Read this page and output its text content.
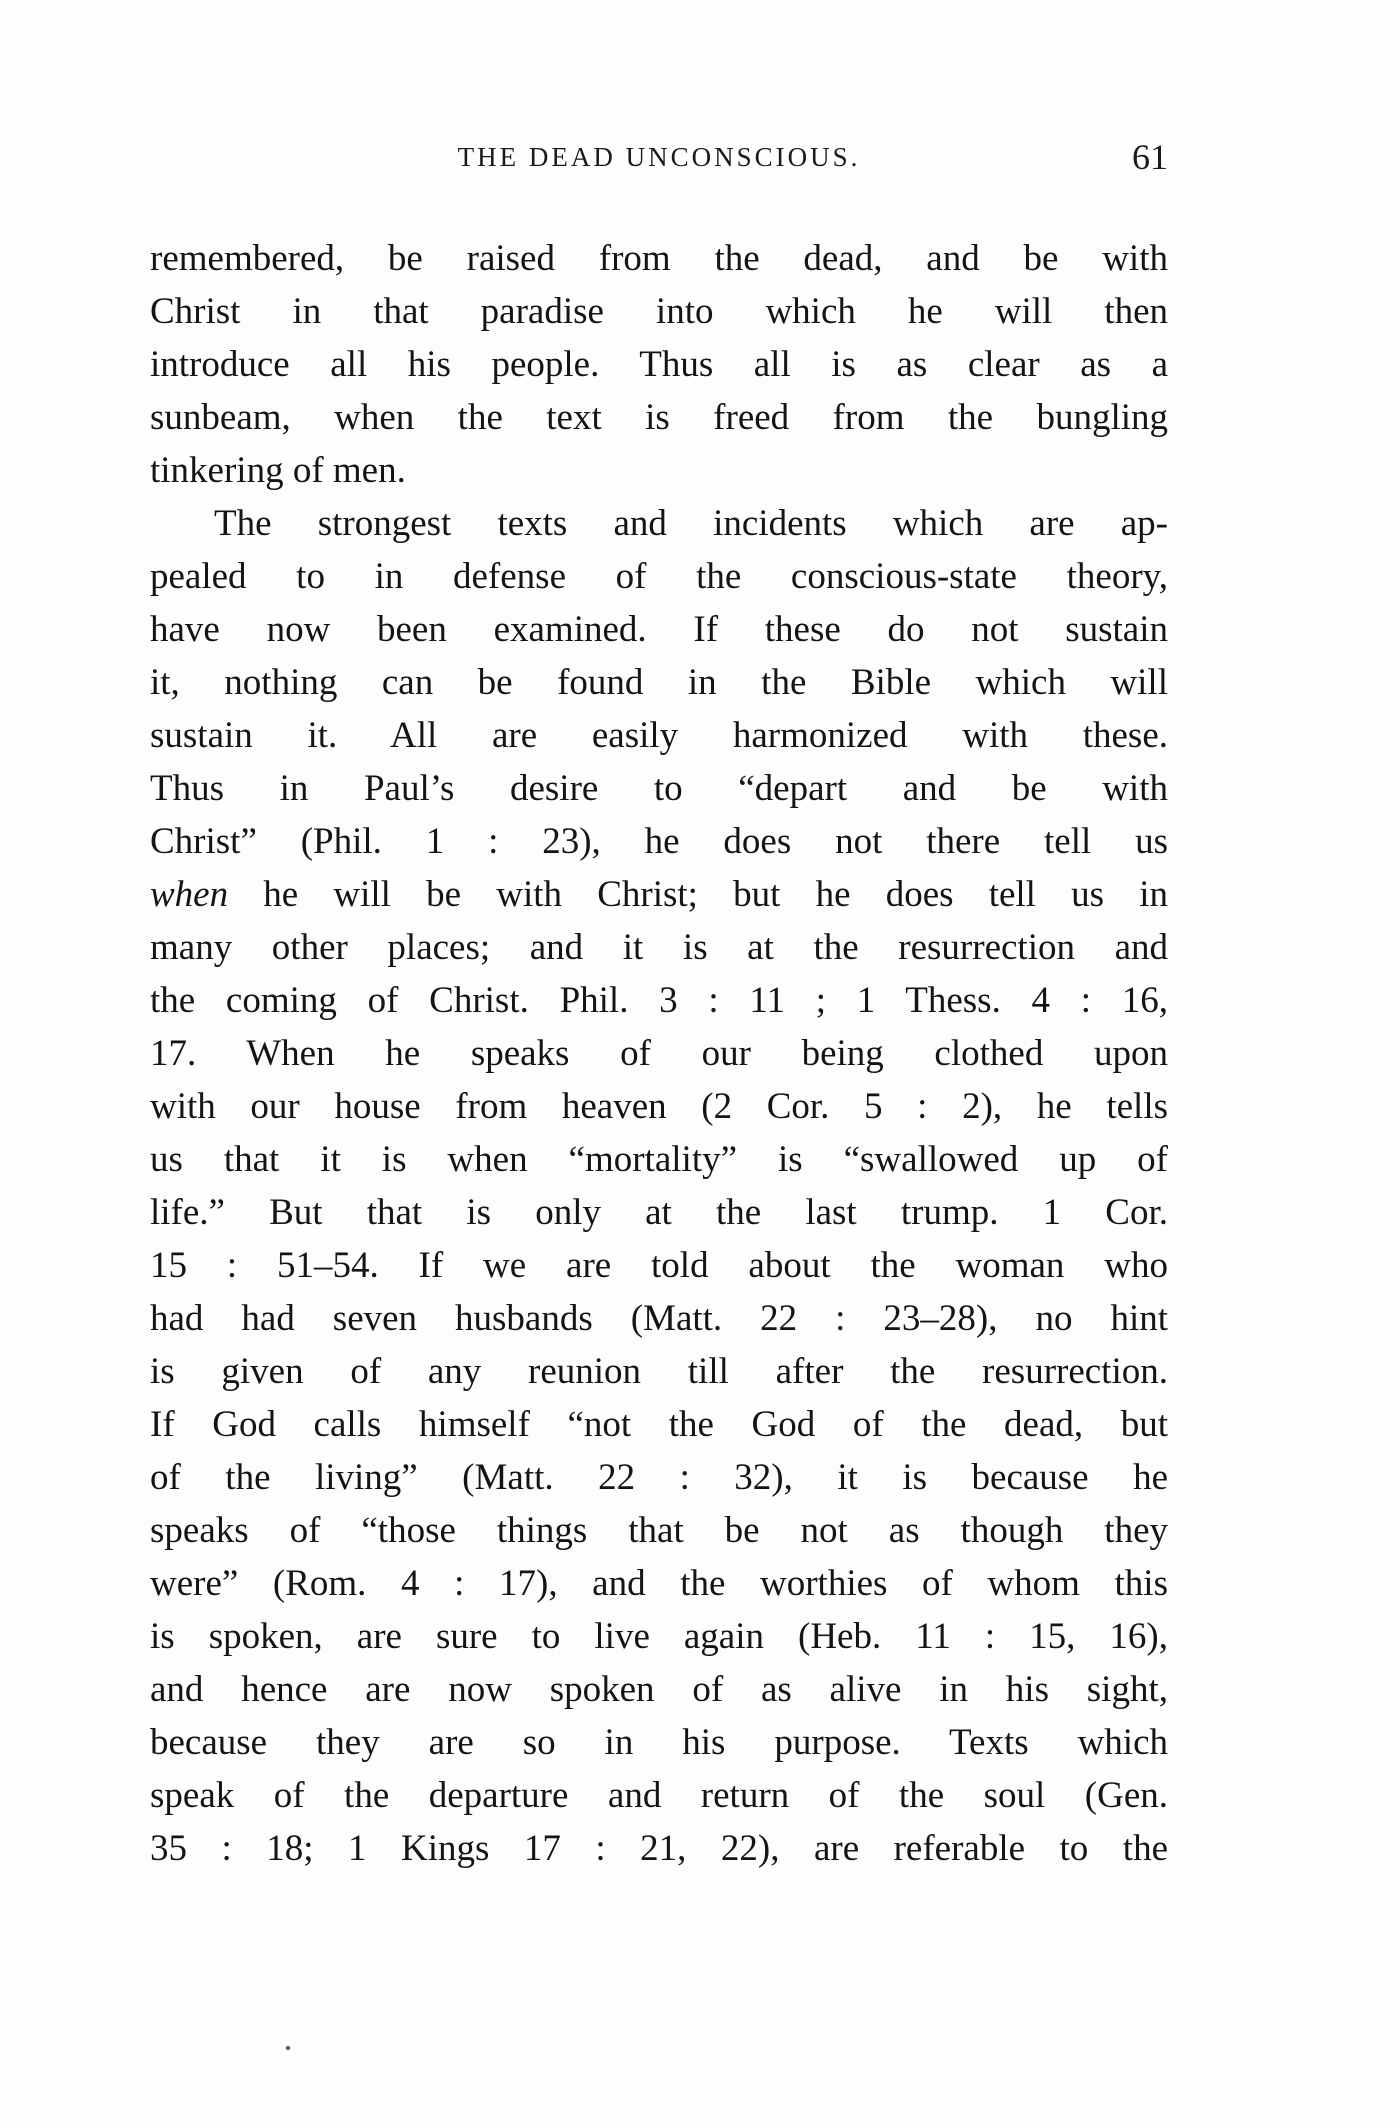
THE DEAD UNCONSCIOUS.	61
remembered, be raised from the dead, and be with
Christ in that paradise into which he will then
introduce all his people. Thus all is as clear as a
sunbeam, when the text is freed from the bungling
tinkering of men.
The strongest texts and incidents which are ap-
pealed to in defense of the conscious-state theory,
have now been examined. If these do not sustain
it, nothing can be found in the Bible which will
sustain it. All are easily harmonized with these.
Thus in Paul’s desire to “depart and be with
Christ” (Phil. 1 : 23), he does not there tell us
when he will be with Christ; but he does tell us in
many other places; and it is at the resurrection and
the coming of Christ. Phil. 3 : 11 ; 1 Thess. 4 : 16,
17. When he speaks of our being clothed upon
with our house from heaven (2 Cor. 5 : 2), he tells
us that it is when “mortality” is “swallowed up of
life.” But that is only at the last trump. 1 Cor.
15 : 51–54. If we are told about the woman who
had had seven husbands (Matt. 22 : 23–28), no hint
is given of any reunion till after the resurrection.
If God calls himself “not the God of the dead, but
of the living” (Matt. 22 : 32), it is because he
speaks of “those things that be not as though they
were” (Rom. 4 : 17), and the worthies of whom this
is spoken, are sure to live again (Heb. 11 : 15, 16),
and hence are now spoken of as alive in his sight,
because they are so in his purpose. Texts which
speak of the departure and return of the soul (Gen.
35 : 18; 1 Kings 17 : 21, 22), are referable to the
